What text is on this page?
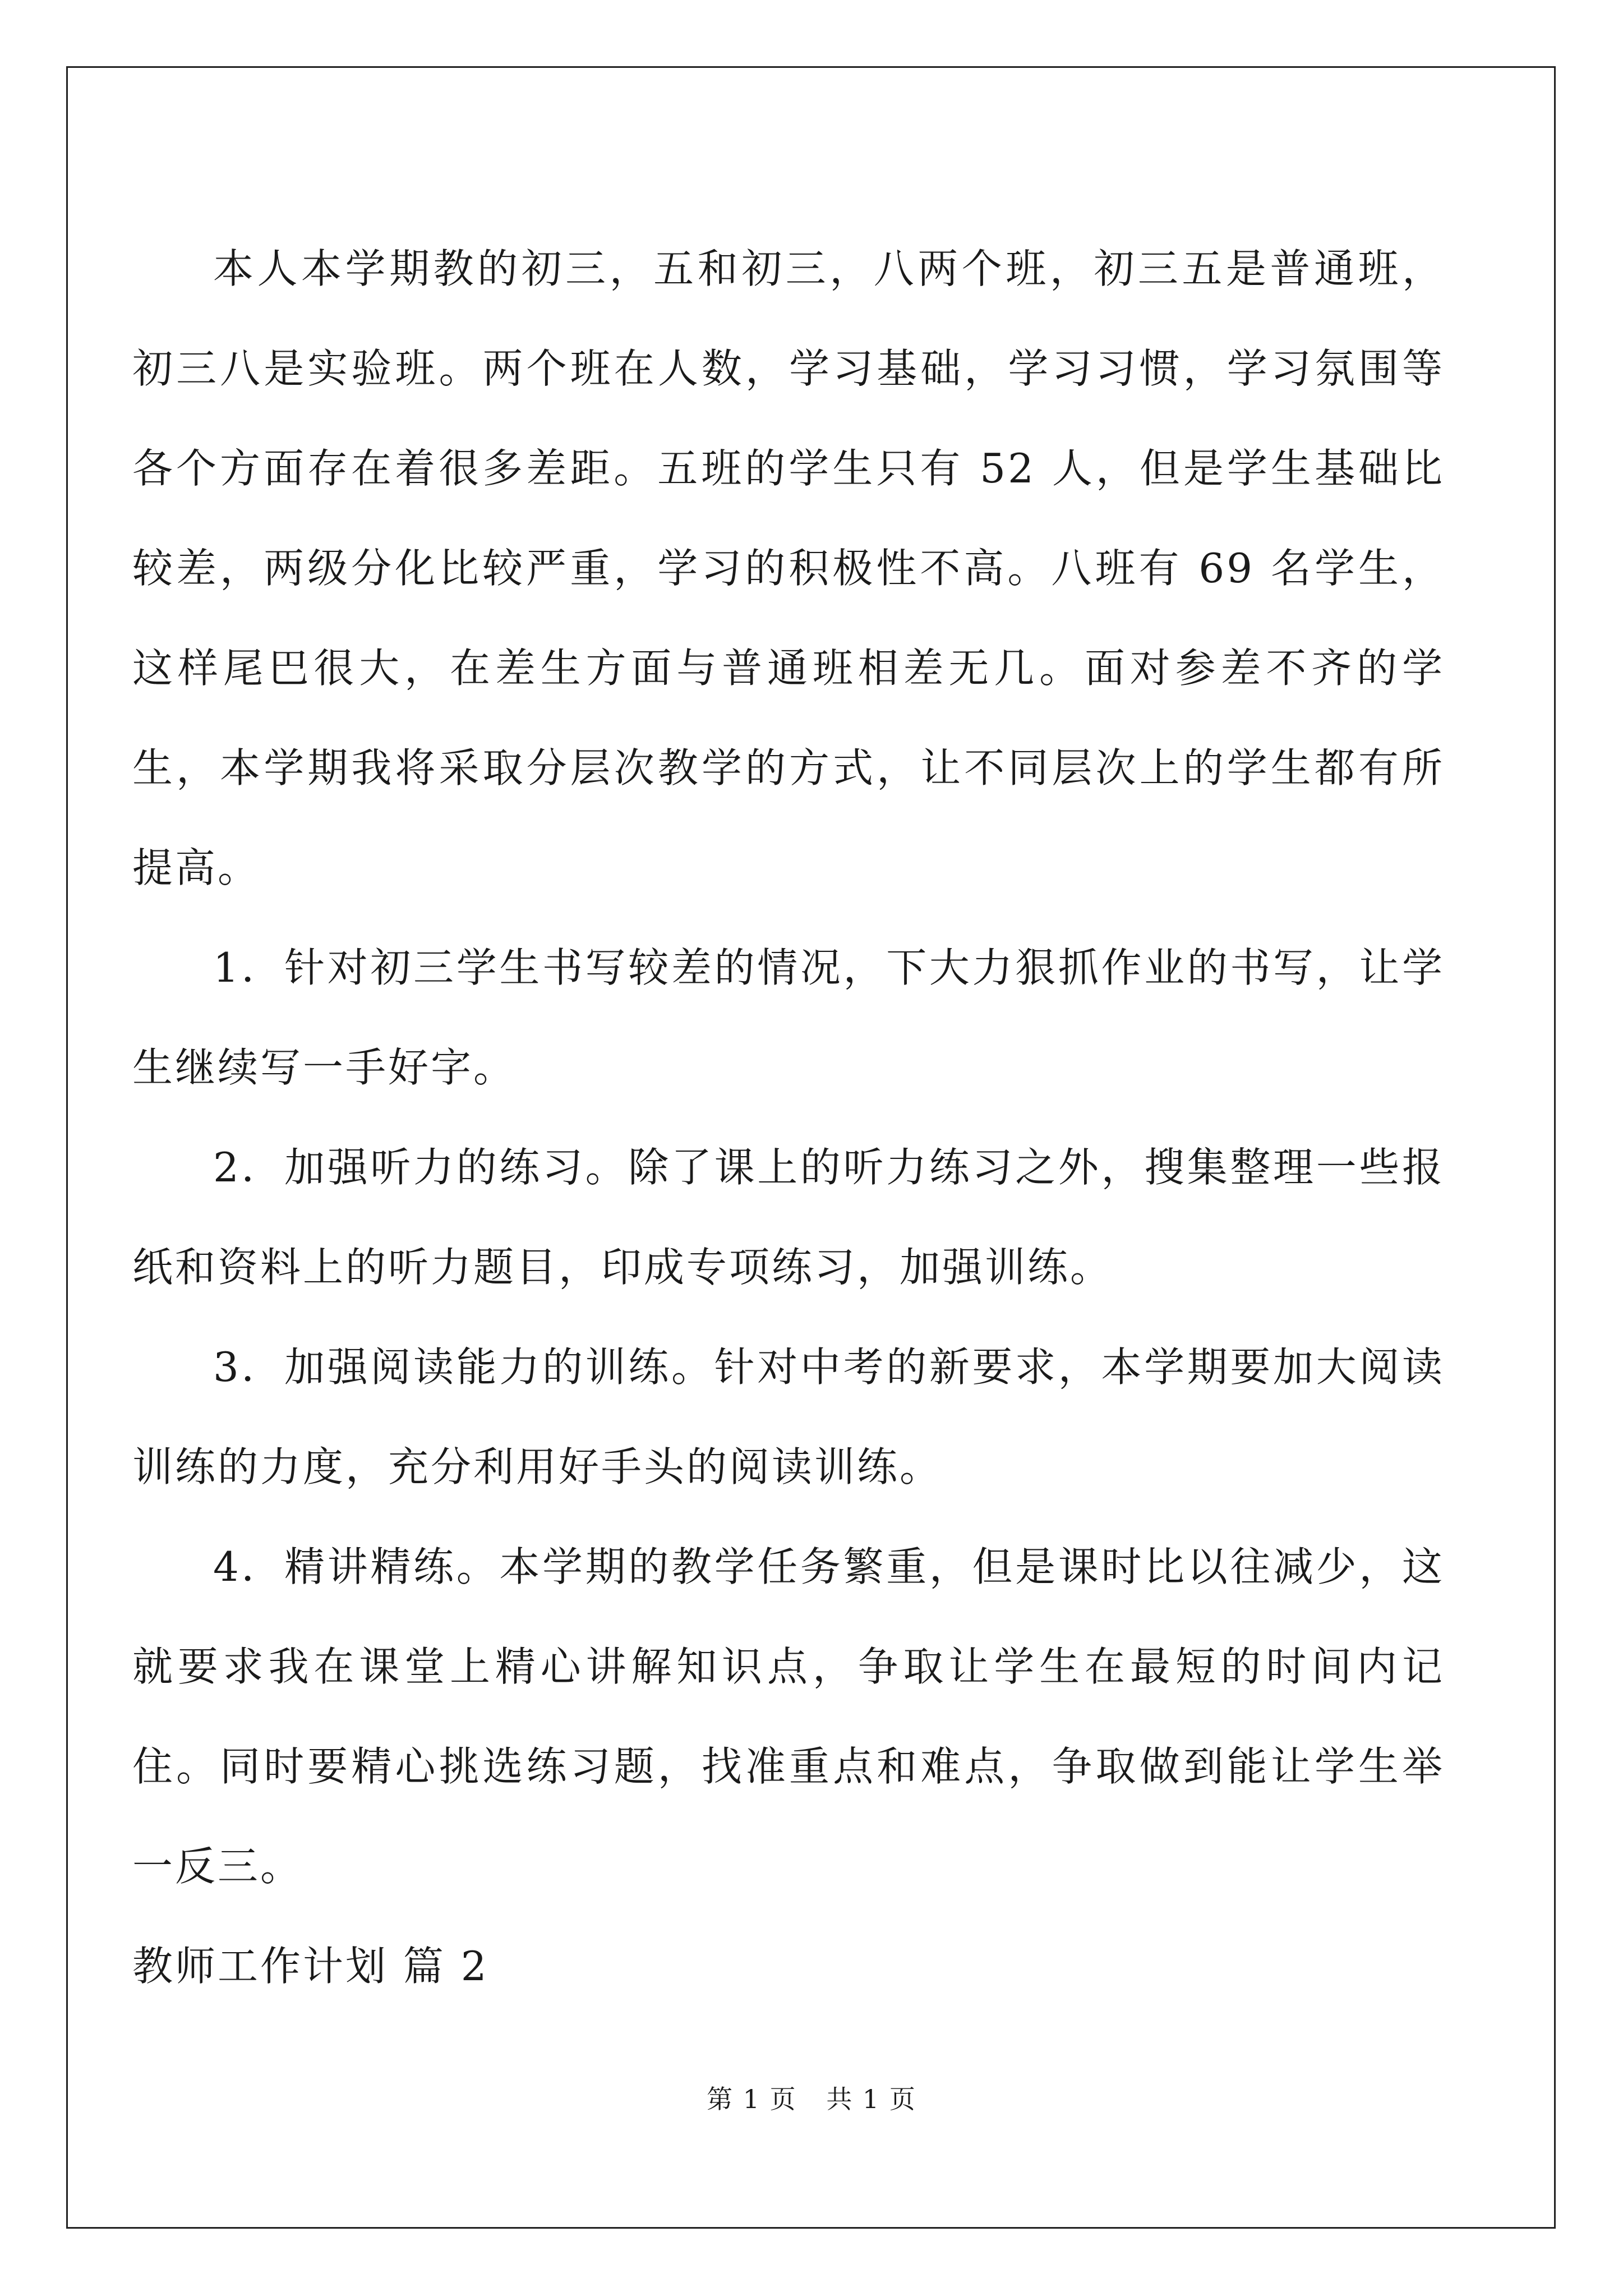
本人本学期教的初三，五和初三，八两个班，初三五是普通班，初三八是实验班。两个班在人数，学习基础，学习习惯，学习氛围等各个方面存在着很多差距。五班的学生只有 52 人，但是学生基础比较差，两级分化比较严重，学习的积极性不高。八班有 69 名学生，这样尾巴很大，在差生方面与普通班相差无几。面对参差不齐的学生，本学期我将采取分层次教学的方式，让不同层次上的学生都有所提高。

1．针对初三学生书写较差的情况，下大力狠抓作业的书写，让学生继续写一手好字。

2．加强听力的练习。除了课上的听力练习之外，搜集整理一些报纸和资料上的听力题目，印成专项练习，加强训练。

3．加强阅读能力的训练。针对中考的新要求，本学期要加大阅读训练的力度，充分利用好手头的阅读训练。

4．精讲精练。本学期的教学任务繁重，但是课时比以往减少，这就要求我在课堂上精心讲解知识点，争取让学生在最短的时间内记住。同时要精心挑选练习题，找准重点和难点，争取做到能让学生举一反三。

教师工作计划 篇 2

第 1 页 共 1 页
